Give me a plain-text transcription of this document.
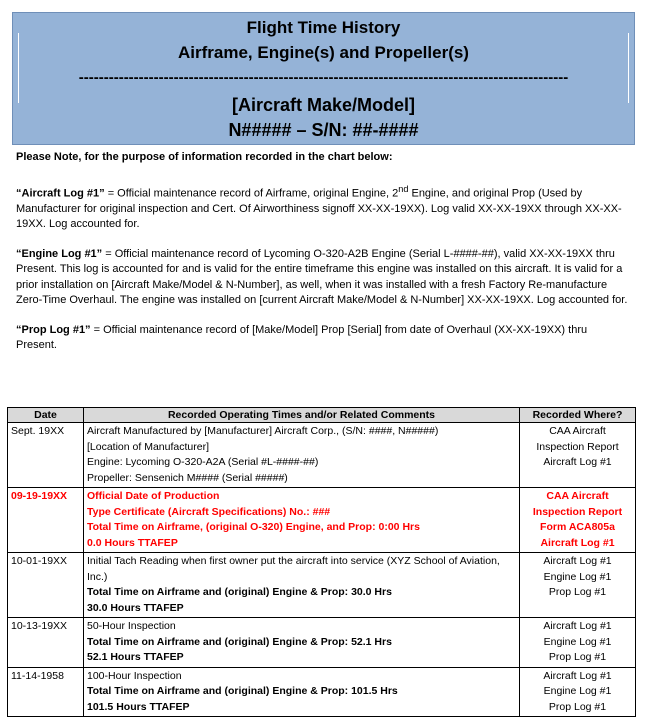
Flight Time History
Airframe, Engine(s) and Propeller(s)
--------------------------------------------------------------------------------------------------
[Aircraft Make/Model]
N##### – S/N: ##-####

Please Note, for the purpose of information recorded in the chart below:

“Aircraft Log #1” = Official maintenance record of Airframe, original Engine, 2nd Engine, and original Prop (Used by Manufacturer for original inspection and Cert. Of Airworthiness signoff XX-XX-19XX). Log valid XX-XX-19XX through XX-XX-19XX. Log accounted for.

“Engine Log #1” = Official maintenance record of Lycoming O-320-A2B Engine (Serial L-####-##), valid XX-XX-19XX thru Present. This log is accounted for and is valid for the entire timeframe this engine was installed on this aircraft. It is valid for a prior installation on [Aircraft Make/Model & N-Number], as well, when it was installed with a fresh Factory Re-manufacture Zero-Time Overhaul. The engine was installed on [current Aircraft Make/Model & N-Number] XX-XX-19XX. Log accounted for.

“Prop Log #1” = Official maintenance record of [Make/Model] Prop [Serial] from date of Overhaul (XX-XX-19XX) thru Present.

Date	Recorded Operating Times and/or Related Comments	Recorded Where?
Sept. 19XX	Aircraft Manufactured by [Manufacturer] Aircraft Corp., (S/N: ####, N#####)
[Location of Manufacturer]
Engine: Lycoming O-320-A2A (Serial #L-####-##)
Propeller: Sensenich M#### (Serial #####)	CAA Aircraft
Inspection Report
Aircraft Log #1

09-19-19XX	Official Date of Production
Type Certificate (Aircraft Specifications) No.: ###
Total Time on Airframe, (original O-320) Engine, and Prop: 0:00 Hrs
0.0 Hours TTAFEP	CAA Aircraft
Inspection Report
Form ACA805a
Aircraft Log #1

10-01-19XX	Initial Tach Reading when first owner put the aircraft into service (XYZ School of Aviation, Inc.)
Total Time on Airframe and (original) Engine & Prop: 30.0 Hrs
30.0 Hours TTAFEP	Aircraft Log #1
Engine Log #1
Prop Log #1

10-13-19XX	50-Hour Inspection
Total Time on Airframe and (original) Engine & Prop: 52.1 Hrs
52.1 Hours TTAFEP	Aircraft Log #1
Engine Log #1
Prop Log #1

11-14-1958	100-Hour Inspection
Total Time on Airframe and (original) Engine & Prop: 101.5 Hrs
101.5 Hours TTAFEP	Aircraft Log #1
Engine Log #1
Prop Log #1
